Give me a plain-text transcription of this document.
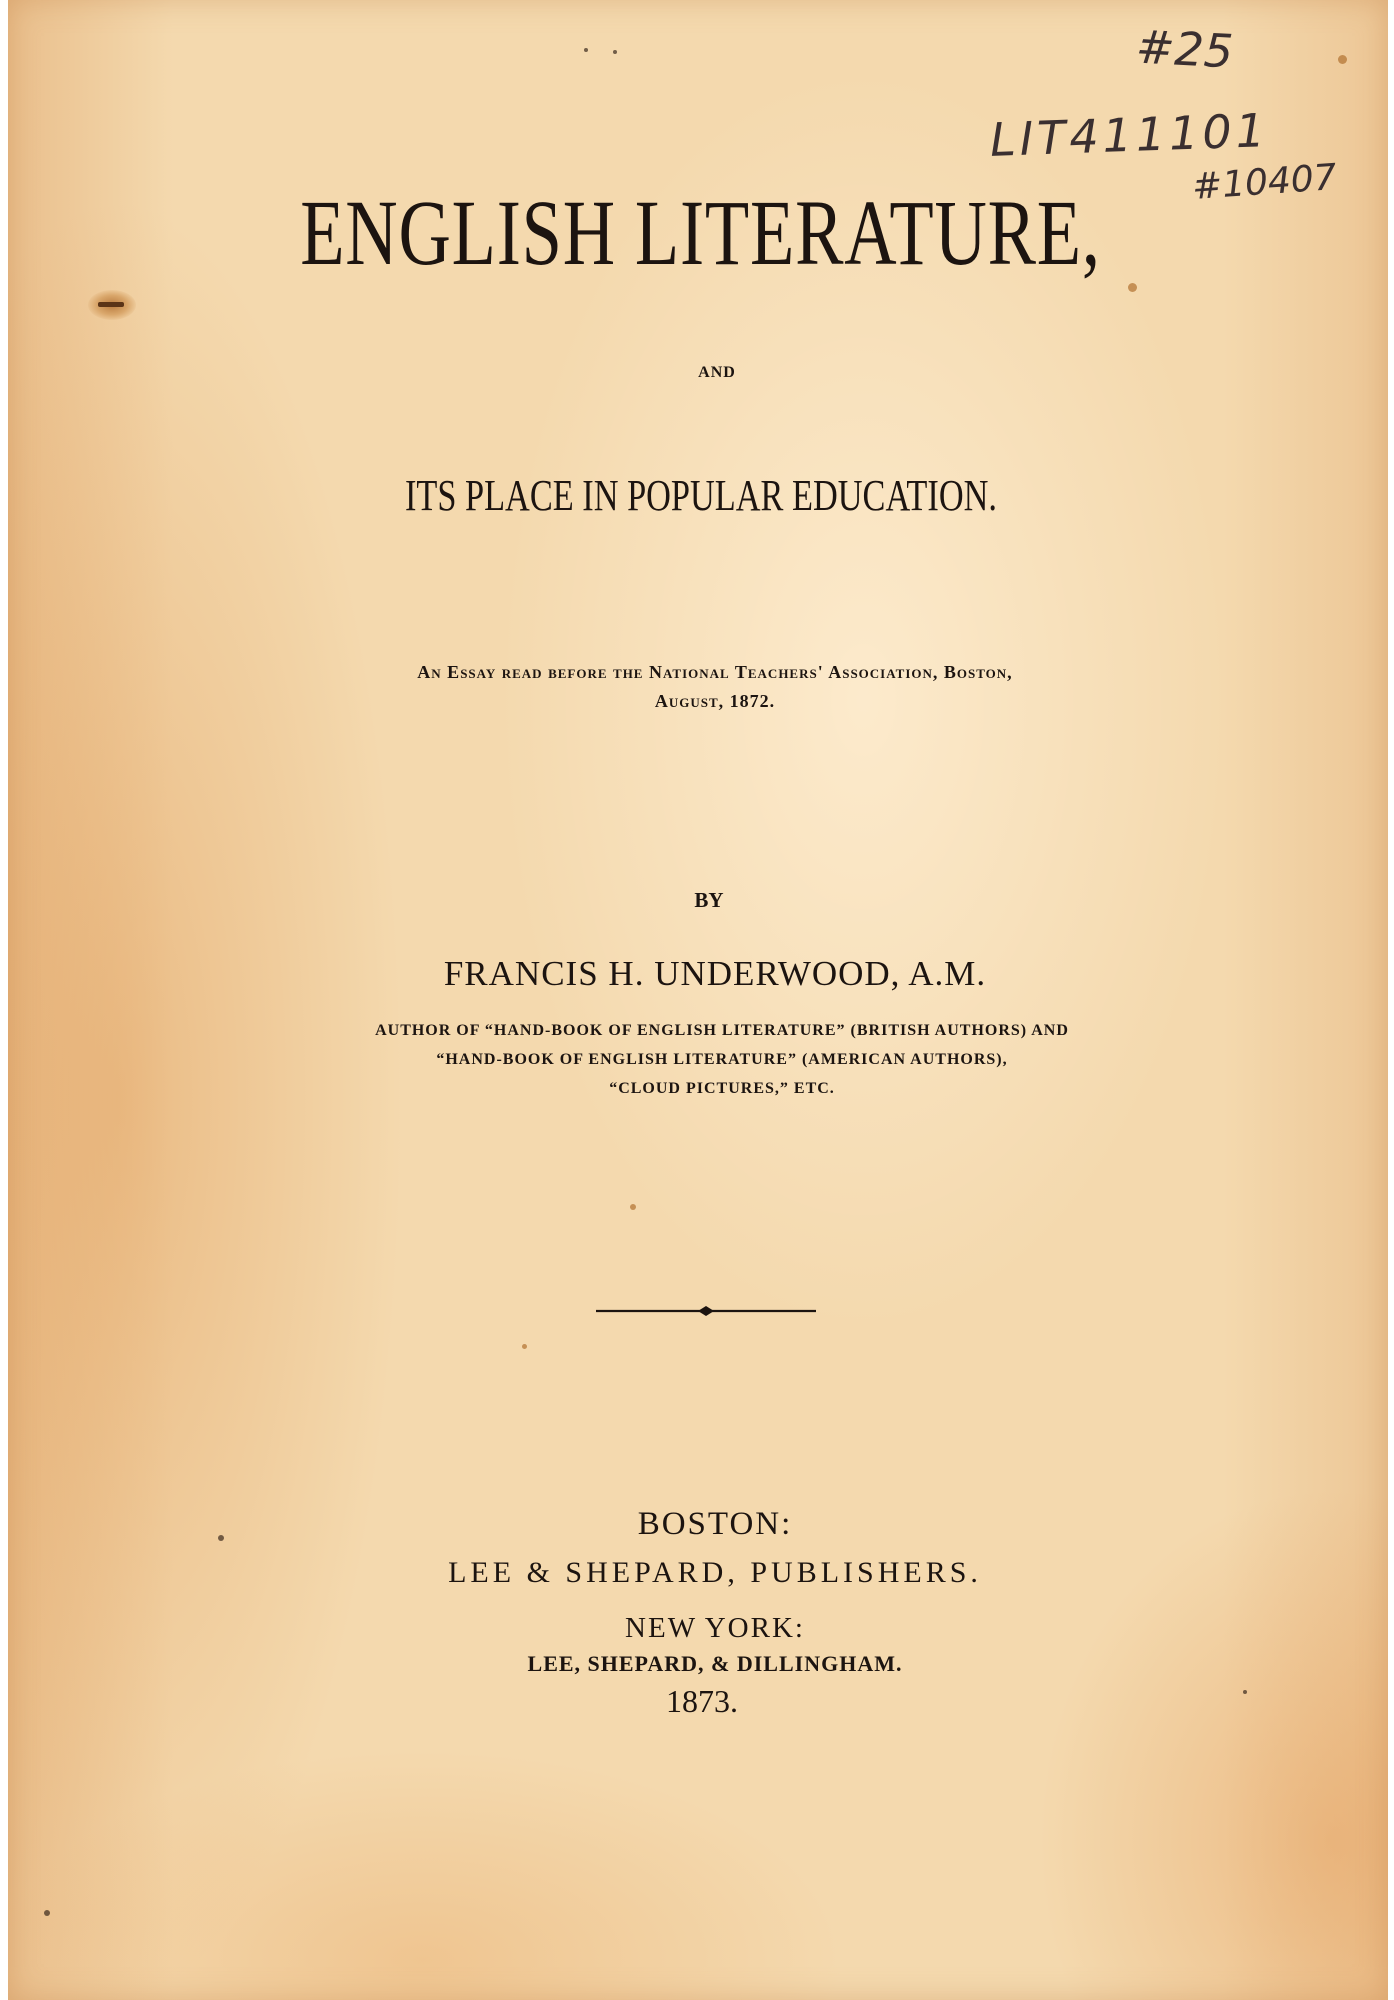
#25
LIT411101
#10407
ENGLISH LITERATURE,
AND
ITS PLACE IN POPULAR EDUCATION.
An Essay read before the National Teachers' Association, Boston,
August, 1872.
BY
FRANCIS H. UNDERWOOD, A.M.
AUTHOR OF “HAND-BOOK OF ENGLISH LITERATURE” (BRITISH AUTHORS) AND
“HAND-BOOK OF ENGLISH LITERATURE” (AMERICAN AUTHORS),
“CLOUD PICTURES,” ETC.
BOSTON:
LEE & SHEPARD, PUBLISHERS.
NEW YORK:
LEE, SHEPARD, & DILLINGHAM.
1873.
